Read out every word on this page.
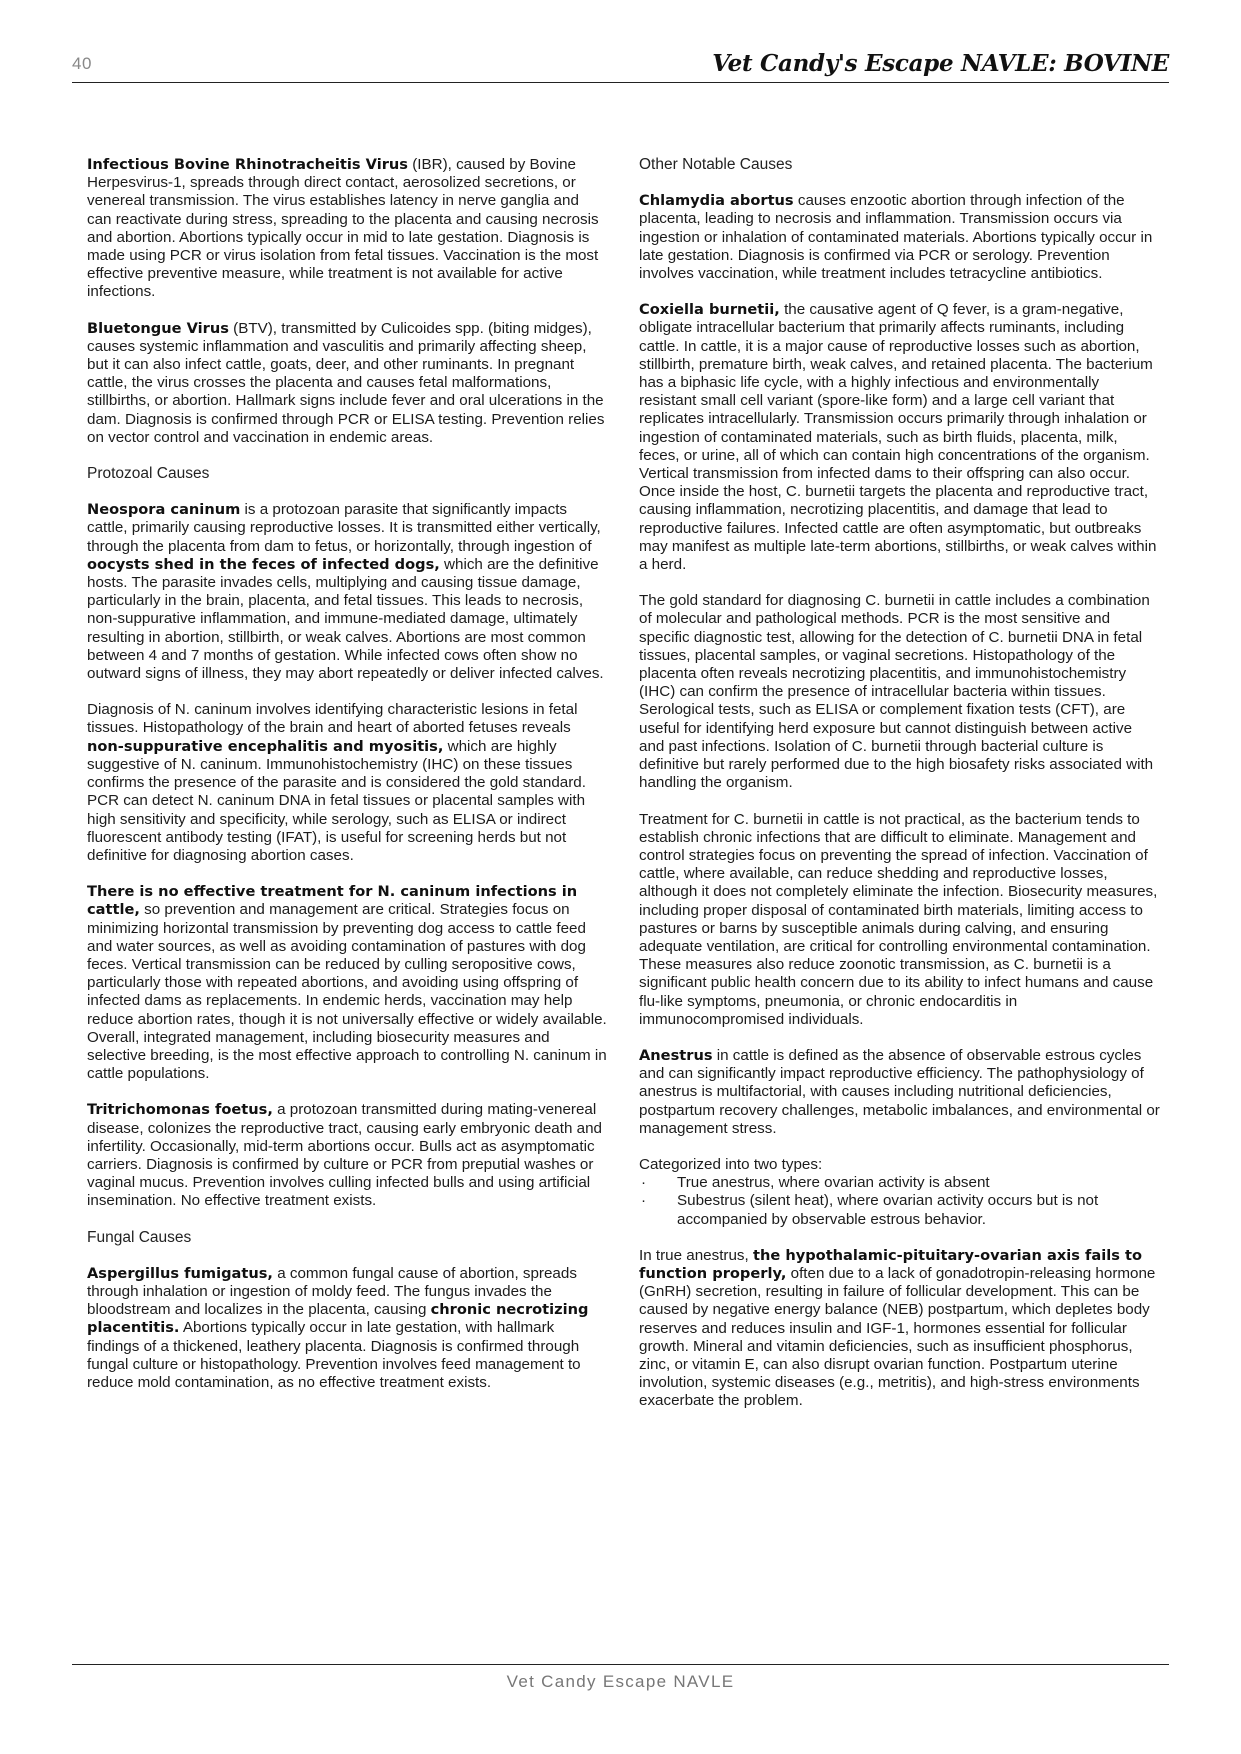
40	Vet Candy's Escape NAVLE: BOVINE

Infectious Bovine Rhinotracheitis Virus (IBR), caused by Bovine Herpesvirus-1, spreads through direct contact, aerosolized secretions, or venereal transmission. The virus establishes latency in nerve ganglia and can reactivate during stress, spreading to the placenta and causing necrosis and abortion. Abortions typically occur in mid to late gestation. Diagnosis is made using PCR or virus isolation from fetal tissues. Vaccination is the most effective preventive measure, while treatment is not available for active infections.

Bluetongue Virus (BTV), transmitted by Culicoides spp. (biting midges), causes systemic inflammation and vasculitis and primarily affecting sheep, but it can also infect cattle, goats, deer, and other ruminants. In pregnant cattle, the virus crosses the placenta and causes fetal malformations, stillbirths, or abortion. Hallmark signs include fever and oral ulcerations in the dam. Diagnosis is confirmed through PCR or ELISA testing. Prevention relies on vector control and vaccination in endemic areas.

Protozoal Causes

Neospora caninum is a protozoan parasite that significantly impacts cattle, primarily causing reproductive losses. It is transmitted either vertically, through the placenta from dam to fetus, or horizontally, through ingestion of oocysts shed in the feces of infected dogs, which are the definitive hosts. The parasite invades cells, multiplying and causing tissue damage, particularly in the brain, placenta, and fetal tissues. This leads to necrosis, non-suppurative inflammation, and immune-mediated damage, ultimately resulting in abortion, stillbirth, or weak calves. Abortions are most common between 4 and 7 months of gestation. While infected cows often show no outward signs of illness, they may abort repeatedly or deliver infected calves.

Diagnosis of N. caninum involves identifying characteristic lesions in fetal tissues. Histopathology of the brain and heart of aborted fetuses reveals non-suppurative encephalitis and myositis, which are highly suggestive of N. caninum. Immunohistochemistry (IHC) on these tissues confirms the presence of the parasite and is considered the gold standard. PCR can detect N. caninum DNA in fetal tissues or placental samples with high sensitivity and specificity, while serology, such as ELISA or indirect fluorescent antibody testing (IFAT), is useful for screening herds but not definitive for diagnosing abortion cases.

There is no effective treatment for N. caninum infections in cattle, so prevention and management are critical. Strategies focus on minimizing horizontal transmission by preventing dog access to cattle feed and water sources, as well as avoiding contamination of pastures with dog feces. Vertical transmission can be reduced by culling seropositive cows, particularly those with repeated abortions, and avoiding using offspring of infected dams as replacements. In endemic herds, vaccination may help reduce abortion rates, though it is not universally effective or widely available. Overall, integrated management, including biosecurity measures and selective breeding, is the most effective approach to controlling N. caninum in cattle populations.

Tritrichomonas foetus, a protozoan transmitted during mating-venereal disease, colonizes the reproductive tract, causing early embryonic death and infertility. Occasionally, mid-term abortions occur. Bulls act as asymptomatic carriers. Diagnosis is confirmed by culture or PCR from preputial washes or vaginal mucus. Prevention involves culling infected bulls and using artificial insemination. No effective treatment exists.

Fungal Causes

Aspergillus fumigatus, a common fungal cause of abortion, spreads through inhalation or ingestion of moldy feed. The fungus invades the bloodstream and localizes in the placenta, causing chronic necrotizing placentitis. Abortions typically occur in late gestation, with hallmark findings of a thickened, leathery placenta. Diagnosis is confirmed through fungal culture or histopathology. Prevention involves feed management to reduce mold contamination, as no effective treatment exists.

Other Notable Causes

Chlamydia abortus causes enzootic abortion through infection of the placenta, leading to necrosis and inflammation. Transmission occurs via ingestion or inhalation of contaminated materials. Abortions typically occur in late gestation. Diagnosis is confirmed via PCR or serology. Prevention involves vaccination, while treatment includes tetracycline antibiotics.

Coxiella burnetii, the causative agent of Q fever, is a gram-negative, obligate intracellular bacterium that primarily affects ruminants, including cattle. In cattle, it is a major cause of reproductive losses such as abortion, stillbirth, premature birth, weak calves, and retained placenta. The bacterium has a biphasic life cycle, with a highly infectious and environmentally resistant small cell variant (spore-like form) and a large cell variant that replicates intracellularly. Transmission occurs primarily through inhalation or ingestion of contaminated materials, such as birth fluids, placenta, milk, feces, or urine, all of which can contain high concentrations of the organism. Vertical transmission from infected dams to their offspring can also occur. Once inside the host, C. burnetii targets the placenta and reproductive tract, causing inflammation, necrotizing placentitis, and damage that lead to reproductive failures. Infected cattle are often asymptomatic, but outbreaks may manifest as multiple late-term abortions, stillbirths, or weak calves within a herd.

The gold standard for diagnosing C. burnetii in cattle includes a combination of molecular and pathological methods. PCR is the most sensitive and specific diagnostic test, allowing for the detection of C. burnetii DNA in fetal tissues, placental samples, or vaginal secretions. Histopathology of the placenta often reveals necrotizing placentitis, and immunohistochemistry (IHC) can confirm the presence of intracellular bacteria within tissues. Serological tests, such as ELISA or complement fixation tests (CFT), are useful for identifying herd exposure but cannot distinguish between active and past infections. Isolation of C. burnetii through bacterial culture is definitive but rarely performed due to the high biosafety risks associated with handling the organism.

Treatment for C. burnetii in cattle is not practical, as the bacterium tends to establish chronic infections that are difficult to eliminate. Management and control strategies focus on preventing the spread of infection. Vaccination of cattle, where available, can reduce shedding and reproductive losses, although it does not completely eliminate the infection. Biosecurity measures, including proper disposal of contaminated birth materials, limiting access to pastures or barns by susceptible animals during calving, and ensuring adequate ventilation, are critical for controlling environmental contamination. These measures also reduce zoonotic transmission, as C. burnetii is a significant public health concern due to its ability to infect humans and cause flu-like symptoms, pneumonia, or chronic endocarditis in immunocompromised individuals.

Anestrus in cattle is defined as the absence of observable estrous cycles and can significantly impact reproductive efficiency. The pathophysiology of anestrus is multifactorial, with causes including nutritional deficiencies, postpartum recovery challenges, metabolic imbalances, and environmental or management stress.

Categorized into two types:

· True anestrus, where ovarian activity is absent
· Subestrus (silent heat), where ovarian activity occurs but is not accompanied by observable estrous behavior.

In true anestrus, the hypothalamic-pituitary-ovarian axis fails to function properly, often due to a lack of gonadotropin-releasing hormone (GnRH) secretion, resulting in failure of follicular development. This can be caused by negative energy balance (NEB) postpartum, which depletes body reserves and reduces insulin and IGF-1, hormones essential for follicular growth. Mineral and vitamin deficiencies, such as insufficient phosphorus, zinc, or vitamin E, can also disrupt ovarian function. Postpartum uterine involution, systemic diseases (e.g., metritis), and high-stress environments exacerbate the problem.

Vet Candy Escape NAVLE
